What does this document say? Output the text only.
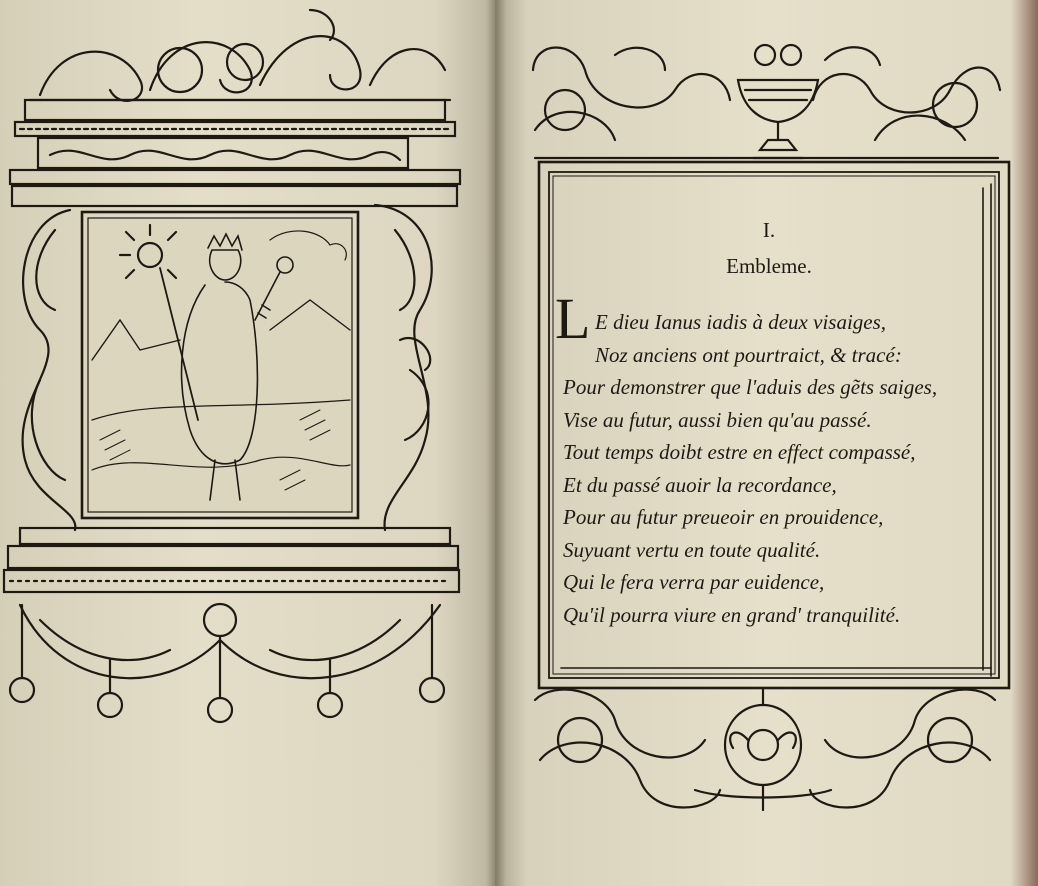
I.
Embleme.
L E dieu Ianus iadis à deux visaiges,
Noz anciens ont pourtraict, & tracé:
Pour demonstrer que l'aduis des gẽts saiges,
Vise au futur, aussi bien qu'au passé.
Tout temps doibt estre en effect compassé,
Et du passé auoir la recordance,
Pour au futur preueoir en prouidence,
Suyuant vertu en toute qualité.
Qui le fera verra par euidence,
Qu'il pourra viure en grand' tranquilité.
